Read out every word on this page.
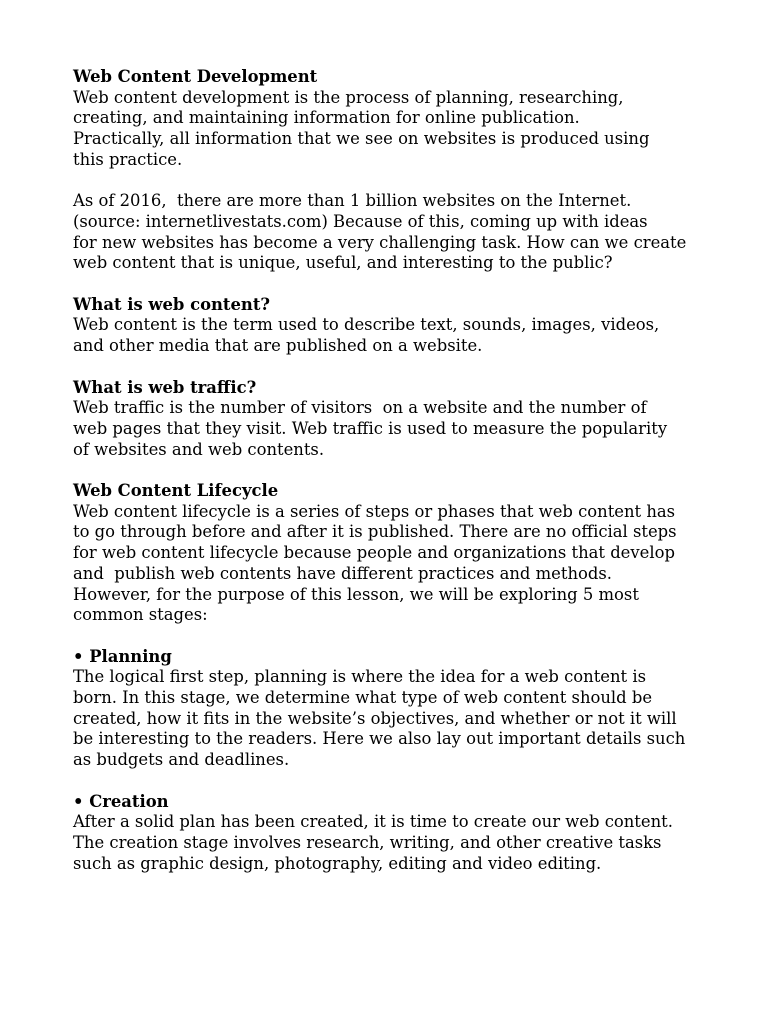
Web Content Development
Web content development is the process of planning, researching,
creating, and maintaining information for online publication.
Practically, all information that we see on websites is produced using
this practice.
As of 2016,  there are more than 1 billion websites on the Internet.
(source: internetlivestats.com) Because of this, coming up with ideas
for new websites has become a very challenging task. How can we create
web content that is unique, useful, and interesting to the public?
What is web content?
Web content is the term used to describe text, sounds, images, videos,
and other media that are published on a website.
What is web traffic?
Web traffic is the number of visitors  on a website and the number of
web pages that they visit. Web traffic is used to measure the popularity
of websites and web contents.
Web Content Lifecycle
Web content lifecycle is a series of steps or phases that web content has
to go through before and after it is published. There are no official steps
for web content lifecycle because people and organizations that develop
and  publish web contents have different practices and methods.
However, for the purpose of this lesson, we will be exploring 5 most
common stages:
• Planning
The logical first step, planning is where the idea for a web content is
born. In this stage, we determine what type of web content should be
created, how it fits in the website’s objectives, and whether or not it will
be interesting to the readers. Here we also lay out important details such
as budgets and deadlines.
• Creation
After a solid plan has been created, it is time to create our web content.
The creation stage involves research, writing, and other creative tasks
such as graphic design, photography, editing and video editing.
